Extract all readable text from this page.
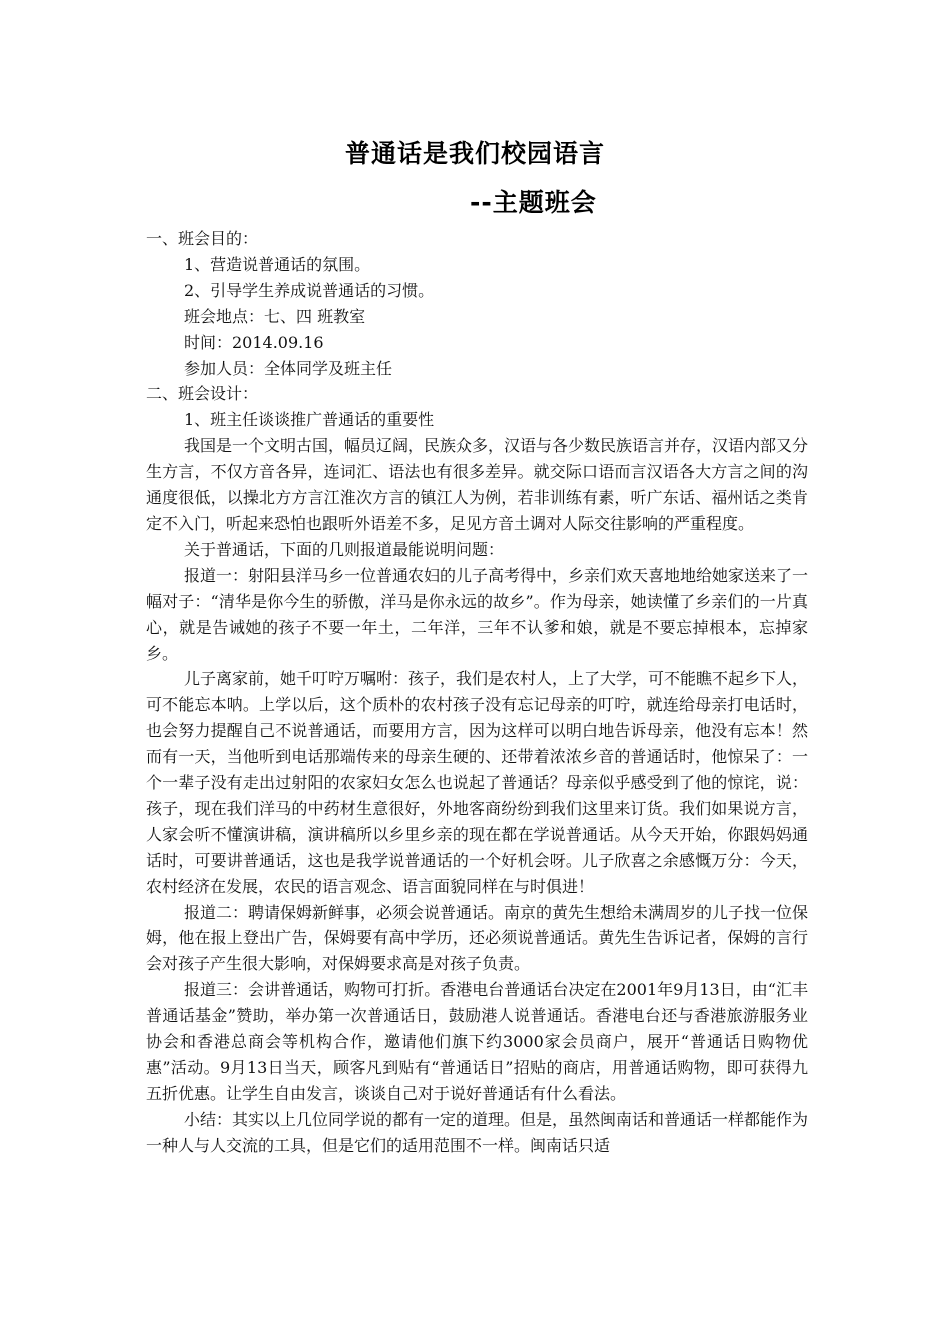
普通话是我们校园语言
--主题班会

一、班会目的：

1、营造说普通话的氛围。

2、引导学生养成说普通话的习惯。

班会地点：七、四 班教室

时间：2014.09.16

参加人员：全体同学及班主任

二、班会设计：

1、班主任谈谈推广普通话的重要性

我国是一个文明古国，幅员辽阔，民族众多，汉语与各少数民族语言并存，汉语内部又分生方言，不仅方音各异，连词汇、语法也有很多差异。就交际口语而言汉语各大方言之间的沟通度很低，以操北方方言江淮次方言的镇江人为例，若非训练有素，听广东话、福州话之类肯定不入门，听起来恐怕也跟听外语差不多，足见方音土调对人际交往影响的严重程度。

关于普通话，下面的几则报道最能说明问题：

报道一：射阳县洋马乡一位普通农妇的儿子高考得中，乡亲们欢天喜地地给她家送来了一幅对子：“清华是你今生的骄傲，洋马是你永远的故乡”。作为母亲，她读懂了乡亲们的一片真心，就是告诫她的孩子不要一年土，二年洋，三年不认爹和娘，就是不要忘掉根本，忘掉家乡。

儿子离家前，她千叮咛万嘱咐：孩子，我们是农村人，上了大学，可不能瞧不起乡下人，可不能忘本呐。上学以后，这个质朴的农村孩子没有忘记母亲的叮咛，就连给母亲打电话时，也会努力提醒自己不说普通话，而要用方言，因为这样可以明白地告诉母亲，他没有忘本！然而有一天，当他听到电话那端传来的母亲生硬的、还带着浓浓乡音的普通话时，他惊呆了：一个一辈子没有走出过射阳的农家妇女怎么也说起了普通话？母亲似乎感受到了他的惊诧，说：孩子，现在我们洋马的中药材生意很好，外地客商纷纷到我们这里来订货。我们如果说方言，人家会听不懂演讲稿，演讲稿所以乡里乡亲的现在都在学说普通话。从今天开始，你跟妈妈通话时，可要讲普通话，这也是我学说普通话的一个好机会呀。儿子欣喜之余感慨万分：今天，农村经济在发展，农民的语言观念、语言面貌同样在与时俱进！

报道二：聘请保姆新鲜事，必须会说普通话。南京的黄先生想给未满周岁的儿子找一位保姆，他在报上登出广告，保姆要有高中学历，还必须说普通话。黄先生告诉记者，保姆的言行会对孩子产生很大影响，对保姆要求高是对孩子负责。

报道三：会讲普通话，购物可打折。香港电台普通话台决定在2001年9月13日，由“汇丰普通话基金”赞助，举办第一次普通话日，鼓励港人说普通话。香港电台还与香港旅游服务业协会和香港总商会等机构合作，邀请他们旗下约3000家会员商户，展开“普通话日购物优惠”活动。9月13日当天，顾客凡到贴有“普通话日”招贴的商店，用普通话购物，即可获得九五折优惠。让学生自由发言，谈谈自己对于说好普通话有什么看法。

小结：其实以上几位同学说的都有一定的道理。但是，虽然闽南话和普通话一样都能作为一种人与人交流的工具，但是它们的适用范围不一样。闽南话只适
